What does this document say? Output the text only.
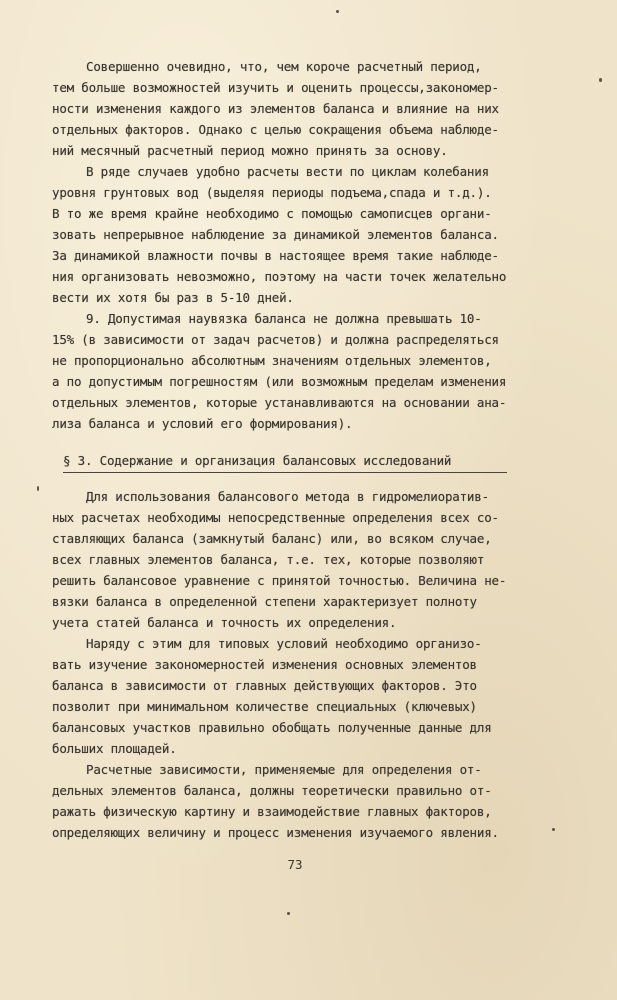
Совершенно очевидно, что, чем короче расчетный период,
тем больше возможностей изучить и оценить процессы,закономер-
ности изменения каждого из элементов баланса и влияние на них
отдельных факторов. Однако с целью сокращения объема наблюде-
ний месячный расчетный период можно принять за основу.
В ряде случаев удобно расчеты вести по циклам колебания
уровня грунтовых вод (выделяя периоды подъема,спада и т.д.).
В то же время крайне необходимо с помощью самописцев органи-
зовать непрерывное наблюдение за динамикой элементов баланса.
За динамикой влажности почвы в настоящее время такие наблюде-
ния организовать невозможно, поэтому на части точек желательно
вести их хотя бы раз в 5-10 дней.
9. Допустимая наувязка баланса не должна превышать 10-
15% (в зависимости от задач расчетов) и должна распределяться
не пропорционально абсолютным значениям отдельных элементов,
а по допустимым погрешностям (или возможным пределам изменения
отдельных элементов, которые устанавливаются на основании ана-
лиза баланса и условий его формирования).
§ 3. Содержание и организация балансовых исследований
Для использования балансового метода в гидромелиоратив-
ных расчетах необходимы непосредственные определения всех со-
ставляющих баланса (замкнутый баланс) или, во всяком случае,
всех главных элементов баланса, т.е. тех, которые позволяют
решить балансовое уравнение с принятой точностью. Величина не-
вязки баланса в определенной степени характеризует полноту
учета статей баланса и точность их определения.
Наряду с этим для типовых условий необходимо организо-
вать изучение закономерностей изменения основных элементов
баланса в зависимости от главных действующих факторов. Это
позволит при минимальном количестве специальных (ключевых)
балансовых участков правильно обобщать полученные данные для
больших площадей.
Расчетные зависимости, применяемые для определения от-
дельных элементов баланса, должны теоретически правильно от-
ражать физическую картину и взаимодействие главных факторов,
определяющих величину и процесс изменения изучаемого явления.
73
